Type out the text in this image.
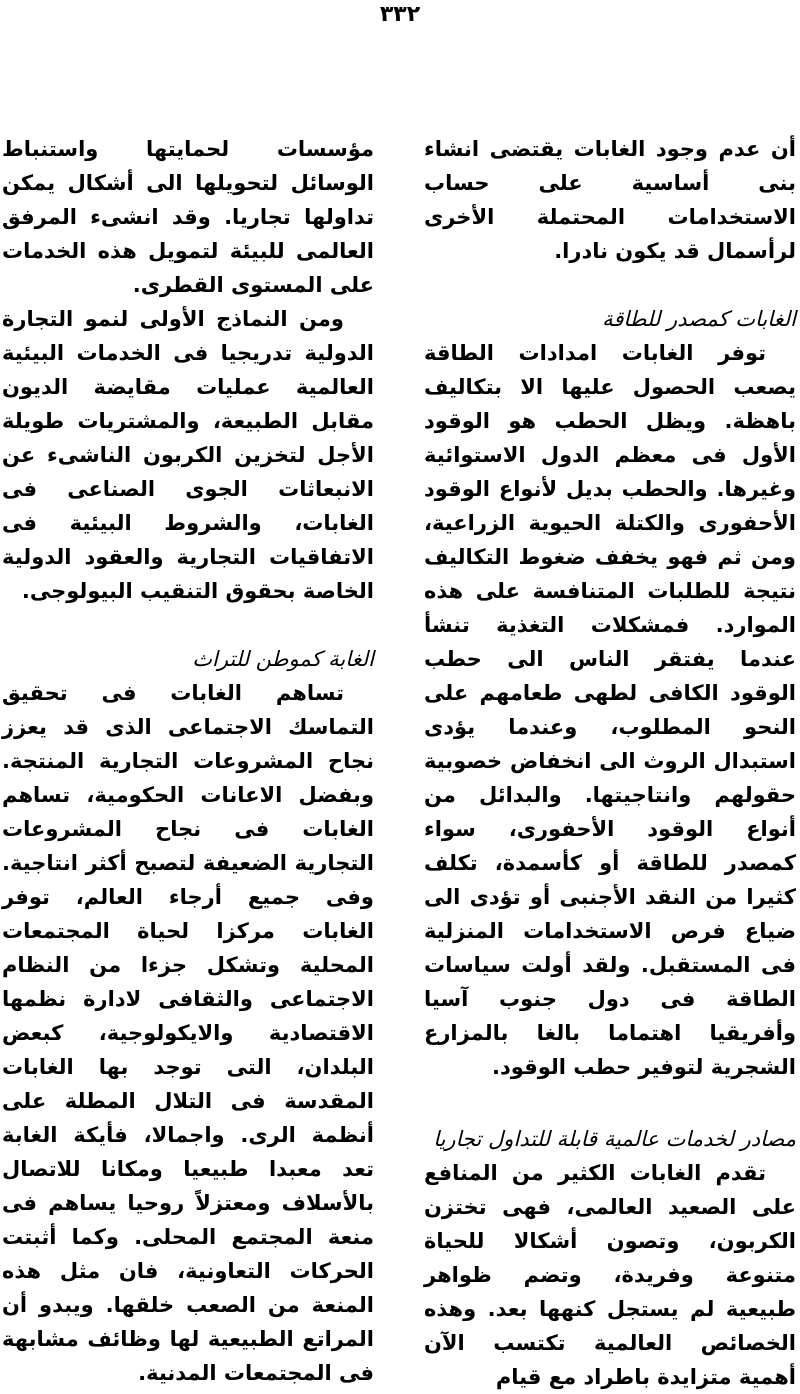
٣٣٢

أن عدم وجود الغابات يقتضى انشاء بنى أساسية على حساب الاستخدامات المحتملة الأخرى لرأسمال قد يكون نادرا.

الغابات كمصدر للطاقة

توفر الغابات امدادات الطاقة يصعب الحصول عليها الا بتكاليف باهظة. ويظل الحطب هو الوقود الأول فى معظم الدول الاستوائية وغيرها. والحطب بديل لأنواع الوقود الأحفورى والكتلة الحيوية الزراعية، ومن ثم فهو يخفف ضغوط التكاليف نتيجة للطلبات المتنافسة على هذه الموارد. فمشكلات التغذية تنشأ عندما يفتقر الناس الى حطب الوقود الكافى لطهى طعامهم على النحو المطلوب، وعندما يؤدى استبدال الروث الى انخفاض خصوبية حقولهم وانتاجيتها. والبدائل من أنواع الوقود الأحفورى، سواء كمصدر للطاقة أو كأسمدة، تكلف كثيرا من النقد الأجنبى أو تؤدى الى ضياع فرص الاستخدامات المنزلية فى المستقبل. ولقد أولت سياسات الطاقة فى دول جنوب آسيا وأفريقيا اهتماما بالغا بالمزارع الشجرية لتوفير حطب الوقود.

مصادر لخدمات عالمية قابلة للتداول تجاريا

تقدم الغابات الكثير من المنافع على الصعيد العالمى، فهى تختزن الكربون، وتصون أشكالا للحياة متنوعة وفريدة، وتضم ظواهر طبيعية لم يستجل كنهها بعد. وهذه الخصائص العالمية تكتسب الآن أهمية متزايدة باطراد مع قيام

مؤسسات لحمايتها واستنباط الوسائل لتحويلها الى أشكال يمكن تداولها تجاريا. وقد انشىء المرفق العالمى للبيئة لتمويل هذه الخدمات على المستوى القطرى.

ومن النماذج الأولى لنمو التجارة الدولية تدريجيا فى الخدمات البيئية العالمية عمليات مقايضة الديون مقابل الطبيعة، والمشتريات طويلة الأجل لتخزين الكربون الناشىء عن الانبعاثات الجوى الصناعى فى الغابات، والشروط البيئية فى الاتفاقيات التجارية والعقود الدولية الخاصة بحقوق التنقيب البيولوجى.

الغابة كموطن للتراث

تساهم الغابات فى تحقيق التماسك الاجتماعى الذى قد يعزز نجاح المشروعات التجارية المنتجة. وبفضل الاعانات الحكومية، تساهم الغابات فى نجاح المشروعات التجارية الضعيفة لتصبح أكثر انتاجية. وفى جميع أرجاء العالم، توفر الغابات مركزا لحياة المجتمعات المحلية وتشكل جزءا من النظام الاجتماعى والثقافى لادارة نظمها الاقتصادية والايكولوجية، كبعض البلدان، التى توجد بها الغابات المقدسة فى التلال المطلة على أنظمة الرى. واجمالا، فأيكة الغابة تعد معبدا طبيعيا ومكانا للاتصال بالأسلاف ومعتزلاً روحيا يساهم فى منعة المجتمع المحلى. وكما أثبتت الحركات التعاونية، فان مثل هذه المنعة من الصعب خلقها. ويبدو أن المراتع الطبيعية لها وظائف مشابهة فى المجتمعات المدنية.
